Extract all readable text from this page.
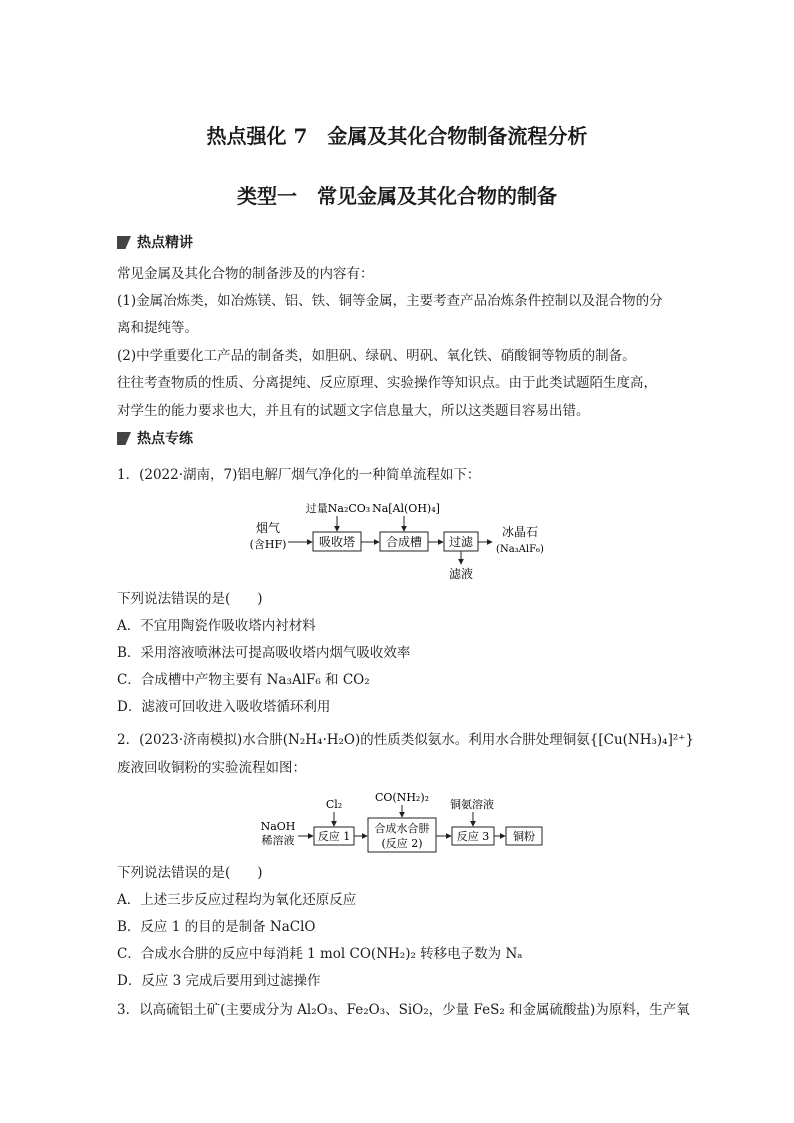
热点强化 7　金属及其化合物制备流程分析
类型一　常见金属及其化合物的制备
热点精讲
常见金属及其化合物的制备涉及的内容有：
(1)金属冶炼类，如冶炼镁、铝、铁、铜等金属，主要考查产品冶炼条件控制以及混合物的分
离和提纯等。
(2)中学重要化工产品的制备类，如胆矾、绿矾、明矾、氧化铁、硝酸铜等物质的制备。
往往考查物质的性质、分离提纯、反应原理、实验操作等知识点。由于此类试题陌生度高，
对学生的能力要求也大，并且有的试题文字信息量大，所以这类题目容易出错。
热点专练
1．(2022·湖南，7)铝电解厂烟气净化的一种简单流程如下：
烟气
(含HF)	吸收塔
过量Na₂CO₃
合成槽
Na[Al(OH)₄]
过滤
滤液
冰晶石
(Na₃AlF₆)
下列说法错误的是(　　)
A．不宜用陶瓷作吸收塔内衬材料
B．采用溶液喷淋法可提高吸收塔内烟气吸收效率
C．合成槽中产物主要有 Na₃AlF₆ 和 CO₂
D．滤液可回收进入吸收塔循环利用
2．(2023·济南模拟)水合肼(N₂H₄·H₂O)的性质类似氨水。利用水合肼处理铜氨{[Cu(NH₃)₄]²⁺}
废液回收铜粉的实验流程如图：
NaOH
稀溶液 反应 1
Cl₂
合成水合肼
(反应 2)
CO(NH₂)₂
反应 3
铜氨溶液
铜粉
下列说法错误的是(　　)
A．上述三步反应过程均为氧化还原反应
B．反应 1 的目的是制备 NaClO
C．合成水合肼的反应中每消耗 1 mol CO(NH₂)₂ 转移电子数为 Nₐ
D．反应 3 完成后要用到过滤操作
3．以高硫铝土矿(主要成分为 Al₂O₃、Fe₂O₃、SiO₂，少量 FeS₂ 和金属硫酸盐)为原料，生产氧
